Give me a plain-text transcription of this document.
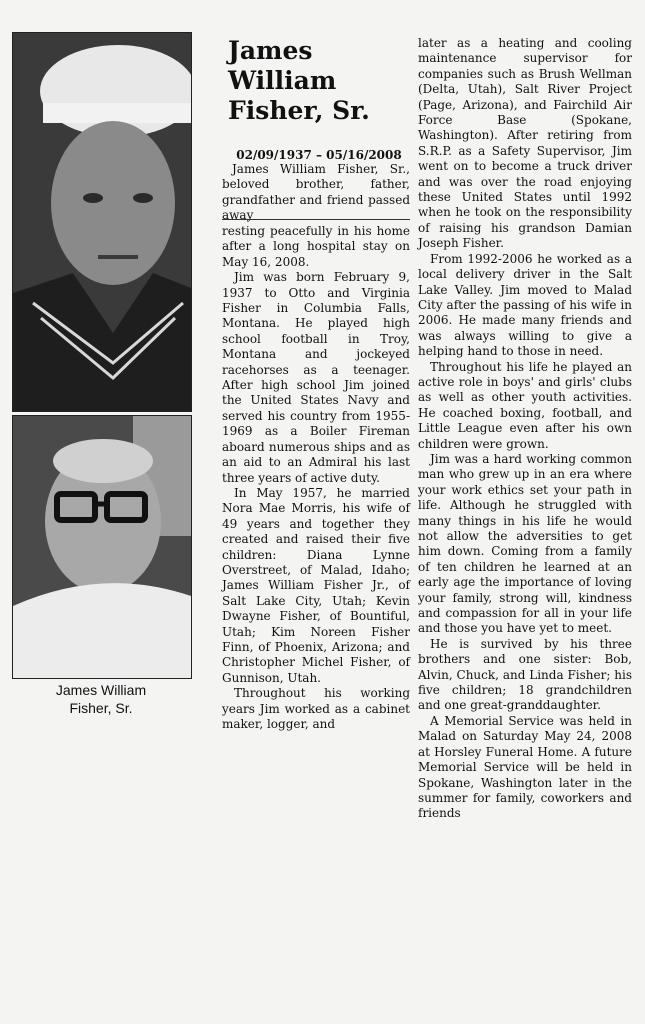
James William
Fisher, Sr.
James
William
Fisher, Sr.
02/09/1937 – 05/16/2008

James William Fisher, Sr., beloved brother, father, grandfather and friend passed away

resting peacefully in his home after a long hospital stay on May 16, 2008.

Jim was born February 9, 1937 to Otto and Virginia Fisher in Columbia Falls, Montana. He played high school football in Troy, Montana and jockeyed racehorses as a teenager. After high school Jim joined the United States Navy and served his country from 1955-1969 as a Boiler Fireman aboard numerous ships and as an aid to an Admiral his last three years of active duty.

In May 1957, he married Nora Mae Morris, his wife of 49 years and together they created and raised their five children: Diana Lynne Overstreet, of Malad, Idaho; James William Fisher Jr., of Salt Lake City, Utah; Kevin Dwayne Fisher, of Bountiful, Utah; Kim Noreen Fisher Finn, of Phoenix, Arizona; and Christopher Michel Fisher, of Gunnison, Utah.

Throughout his working years Jim worked as a cabinet maker, logger, and

later as a heating and cooling maintenance supervisor for companies such as Brush Wellman (Delta, Utah), Salt River Project (Page, Arizona), and Fairchild Air Force Base (Spokane, Washington). After retiring from S.R.P. as a Safety Supervisor, Jim went on to become a truck driver and was over the road enjoying these United States until 1992 when he took on the responsibility of raising his grandson Damian Joseph Fisher.

From 1992-2006 he worked as a local delivery driver in the Salt Lake Valley. Jim moved to Malad City after the passing of his wife in 2006. He made many friends and was always willing to give a helping hand to those in need.

Throughout his life he played an active role in boys' and girls' clubs as well as other youth activities. He coached boxing, football, and Little League even after his own children were grown.

Jim was a hard working common man who grew up in an era where your work ethics set your path in life. Although he struggled with many things in his life he would not allow the adversities to get him down. Coming from a family of ten children he learned at an early age the importance of loving your family, strong will, kindness and compassion for all in your life and those you have yet to meet.

He is survived by his three brothers and one sister: Bob, Alvin, Chuck, and Linda Fisher; his five children; 18 grandchildren and one great-granddaughter.

A Memorial Service was held in Malad on Saturday May 24, 2008 at Horsley Funeral Home. A future Memorial Service will be held in Spokane, Washington later in the summer for family, coworkers and friends
